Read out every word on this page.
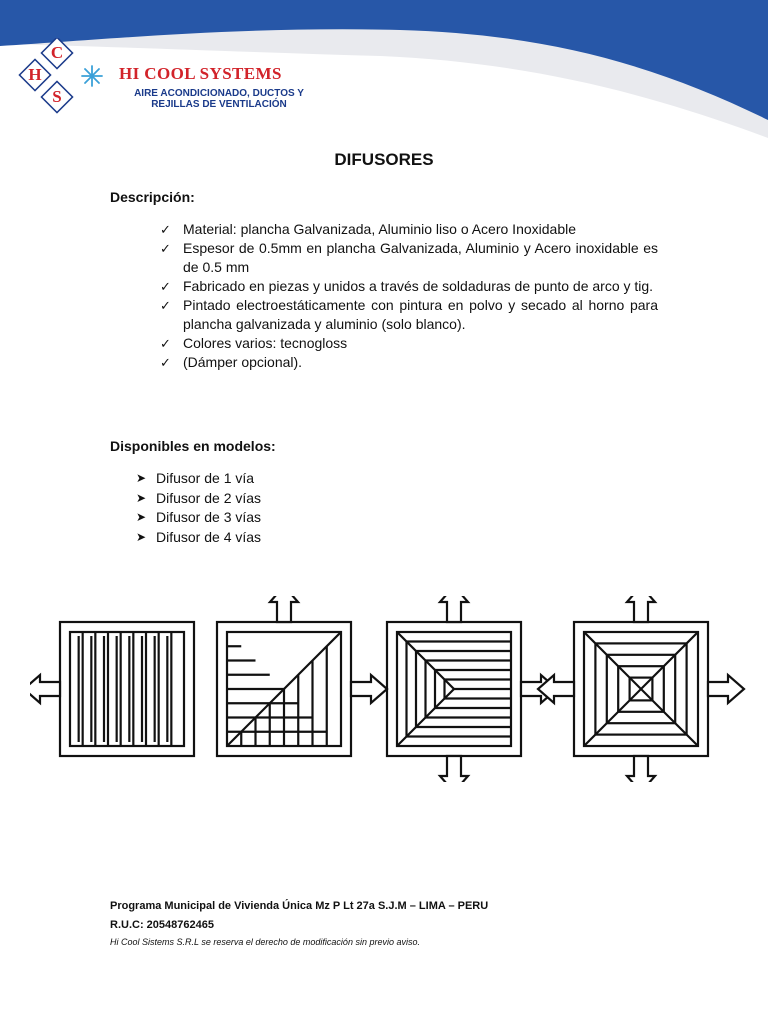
C
H
S
HI COOL SYSTEMS
AIRE ACONDICIONADO, DUCTOS Y REJILLAS DE VENTILACIÓN
DIFUSORES
Descripción:
✓ Material: plancha Galvanizada, Aluminio liso o Acero Inoxidable
✓ Espesor de 0.5mm en plancha Galvanizada, Aluminio y Acero inoxidable es de 0.5 mm
✓ Fabricado en piezas y unidos a través de soldaduras de punto de arco y tig.
✓ Pintado electroestáticamente con pintura en polvo y secado al horno para plancha galvanizada y aluminio (solo blanco).
✓ Colores varios: tecnogloss
✓ (Dámper opcional).
Disponibles en modelos:
➤ Difusor de 1 vía
➤ Difusor de 2 vías
➤ Difusor de 3 vías
➤ Difusor de 4 vías
Programa Municipal de Vivienda Única Mz P Lt 27a S.J.M – LIMA – PERU
R.U.C: 20548762465
Hi Cool Sistems S.R.L se reserva el derecho de modificación sin previo aviso.
